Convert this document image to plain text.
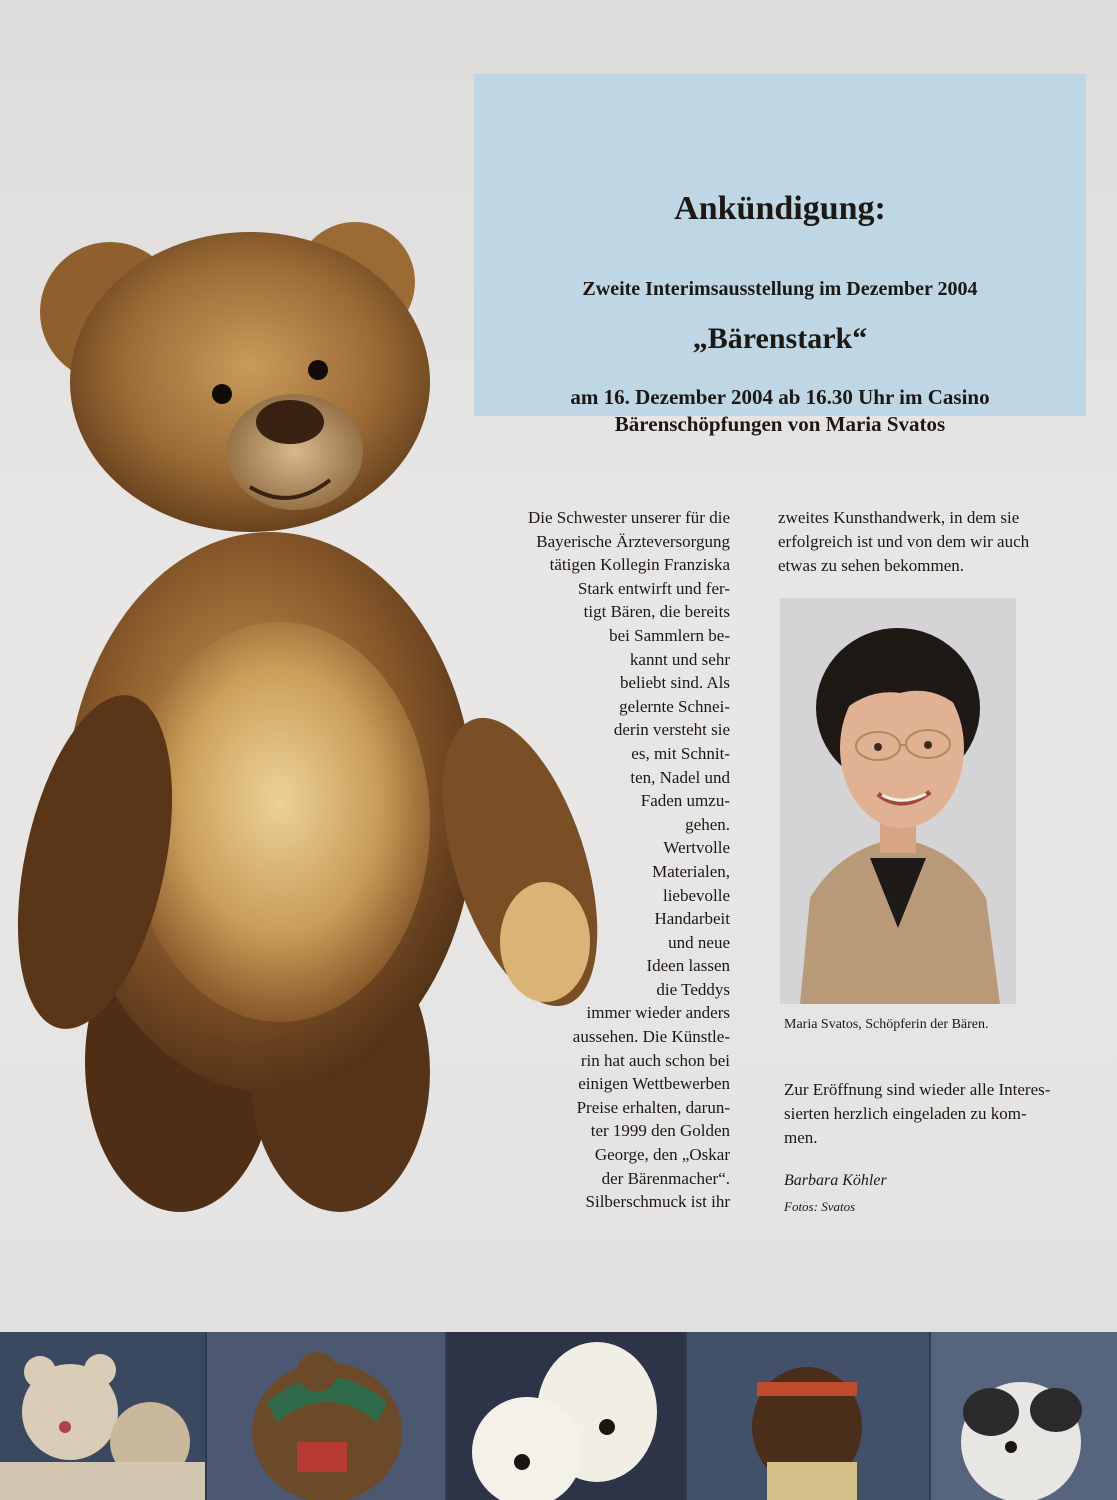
Ankündigung:
Zweite Interimsausstellung im Dezember 2004
„Bärenstark“
am 16. Dezember 2004 ab 16.30 Uhr im Casino
Bärenschöpfungen von Maria Svatos
Die Schwester unserer für die
Bayerische Ärzteversorgung
tätigen Kollegin Franziska
Stark entwirft und fer-
tigt Bären, die bereits
bei Sammlern be-
kannt und sehr
beliebt sind. Als
gelernte Schnei-
derin versteht sie
es, mit Schnit-
ten, Nadel und
Faden umzu-
gehen.
Wertvolle
Materialen,
liebevolle
Handarbeit
und neue
Ideen lassen
die Teddys
immer wieder anders
aussehen. Die Künstle-
rin hat auch schon bei
einigen Wettbewerben
Preise erhalten, darun-
ter 1999 den Golden
George, den „Oskar
der Bärenmacher“.
Silberschmuck ist ihr
zweites Kunsthandwerk, in dem sie
erfolgreich ist und von dem wir auch
etwas zu sehen bekommen.
Maria Svatos, Schöpferin der Bären.
Zur Eröffnung sind wieder alle Interes-
sierten herzlich eingeladen zu kom-
men.
Barbara Köhler
Fotos: Svatos
